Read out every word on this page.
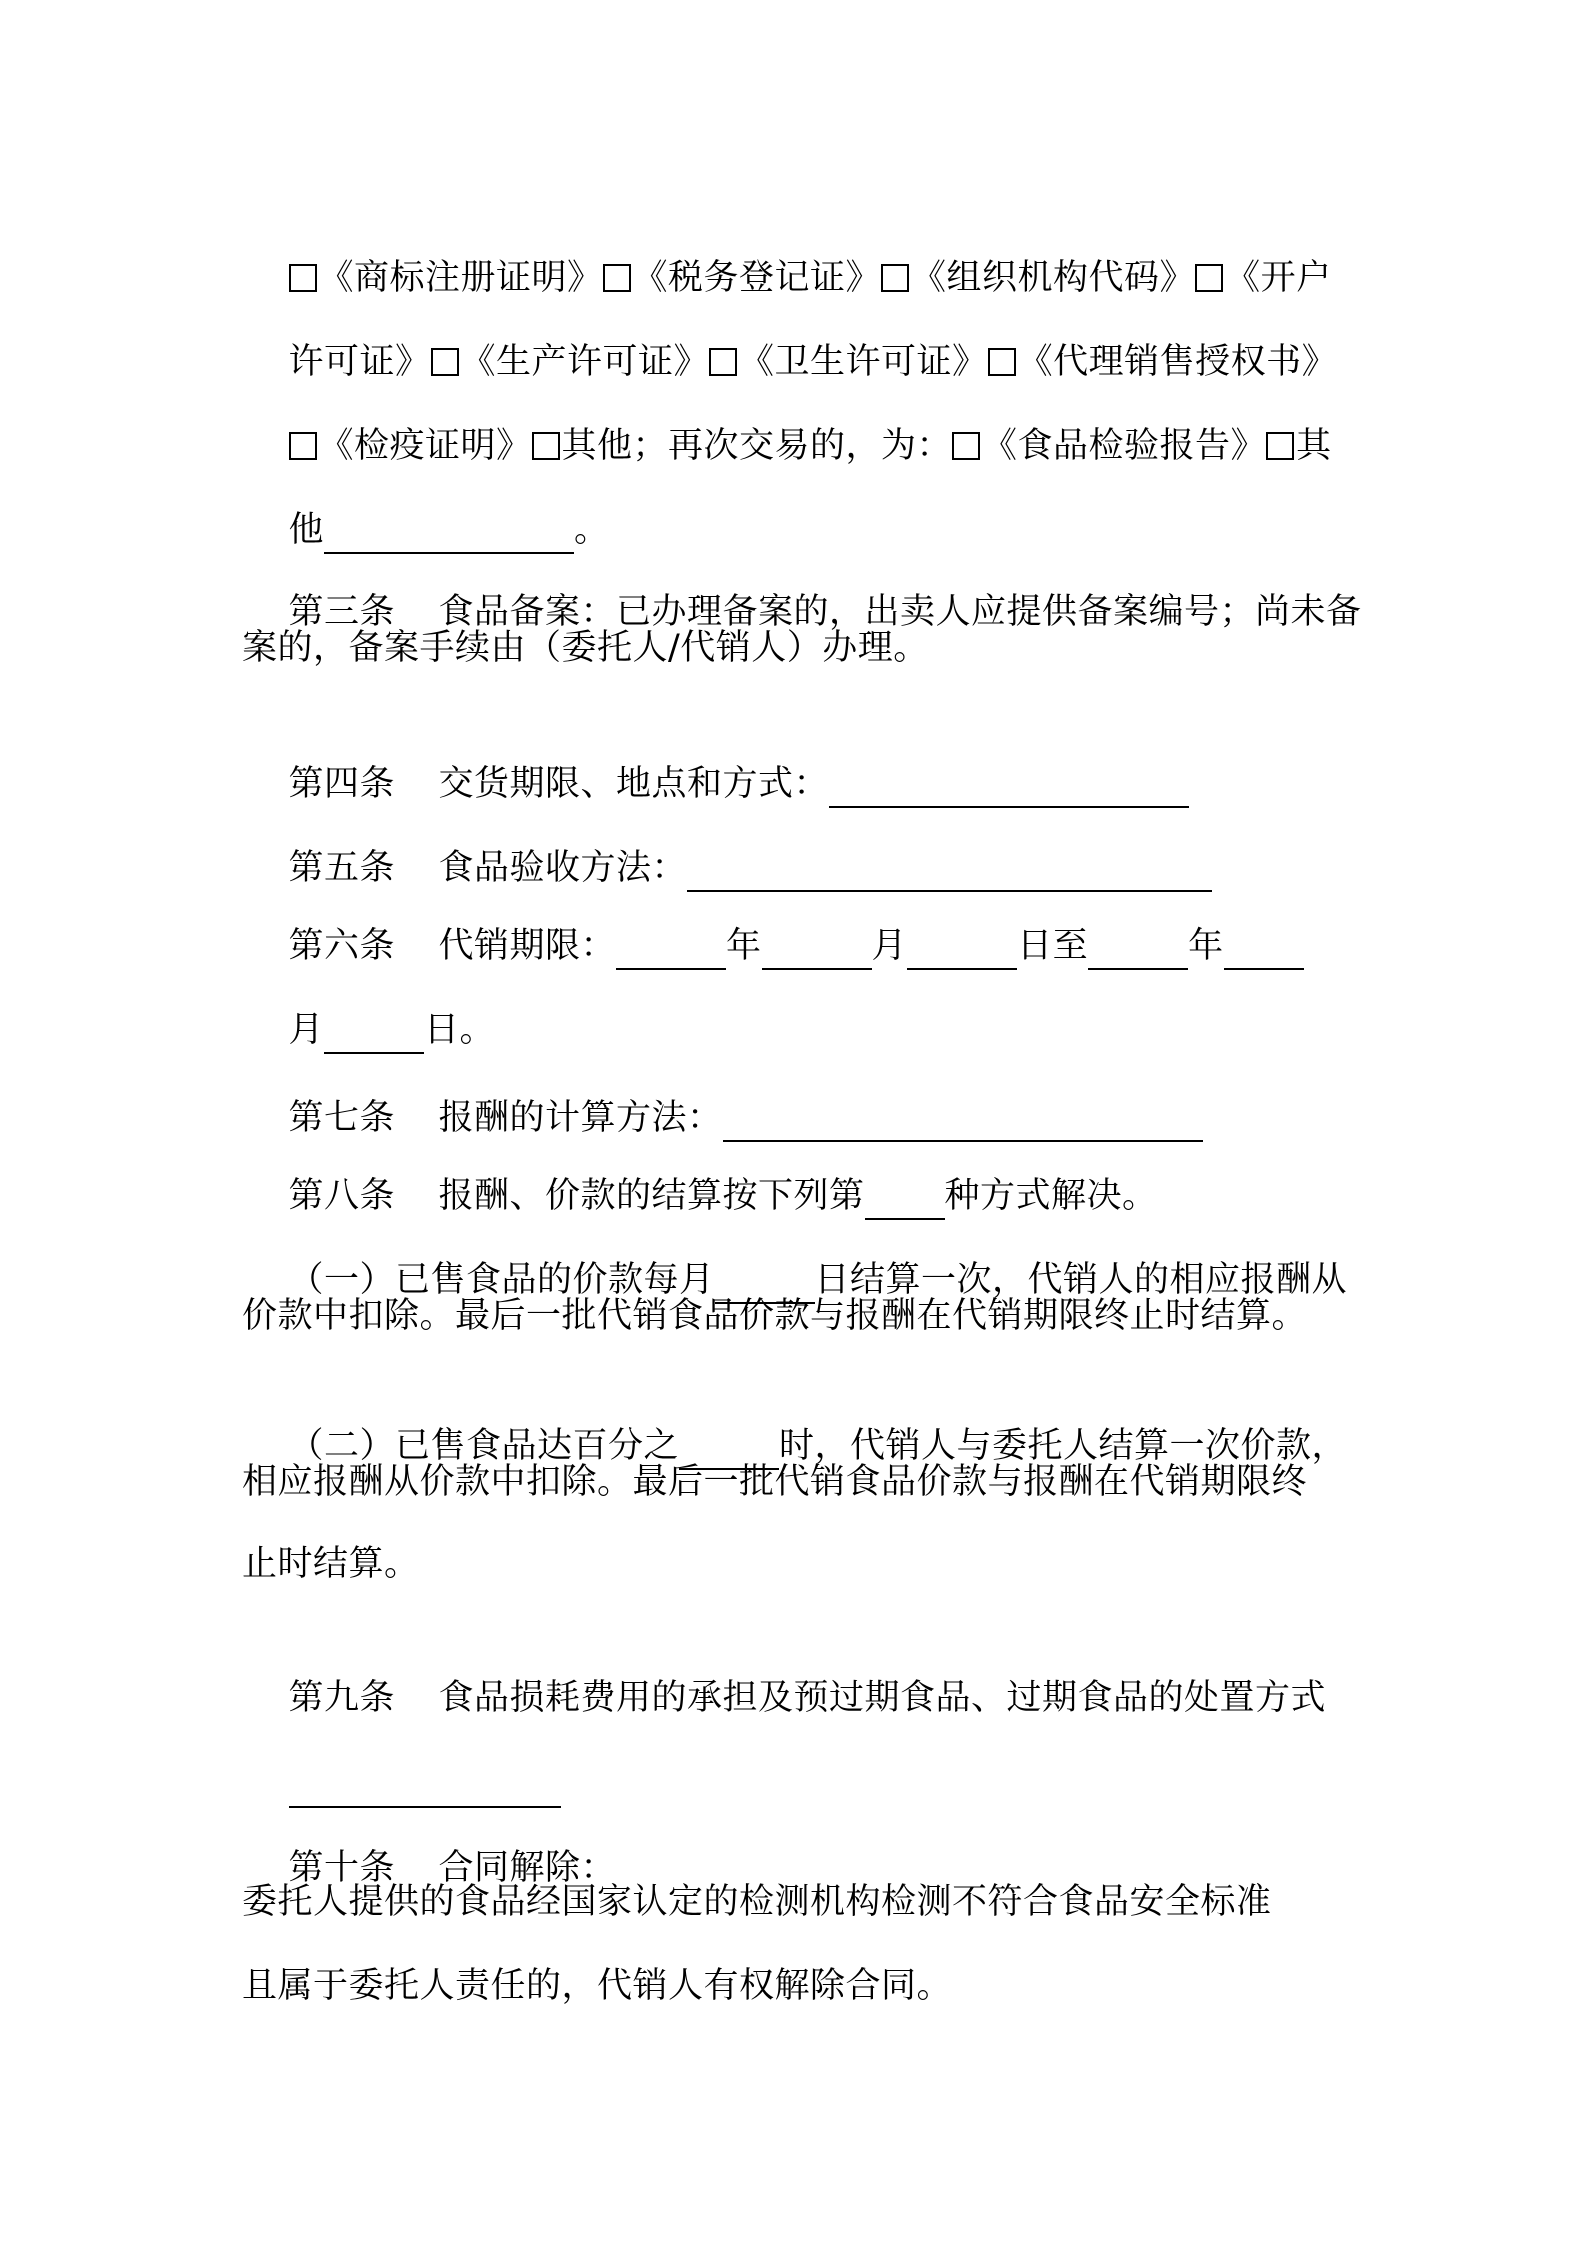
《商标注册证明》 《税务登记证》 《组织机构代码》 《开户

许可证》 《生产许可证》 《卫生许可证》 《代理销售授权书》

《检疫证明》 其他；再次交易的，为： 《食品检验报告》 其

他	。

第三条 食品备案：已办理备案的，出卖人应提供备案编号；尚未备

案的，备案手续由（委托人/代销人）办理。

第四条 交货期限、地点和方式：

第五条 食品验收方法：

第六条 代销期限：	年	月	日至	年

月	日。

第七条 报酬的计算方法：

第八条 报酬、价款的结算按下列第 种方式解决。

（一）已售食品的价款每月	日结算一次，代销人的相应报酬从

价款中扣除。最后一批代销食品价款与报酬在代销期限终止时结算。

（二）已售食品达百分之	时，代销人与委托人结算一次价款，

相应报酬从价款中扣除。最后一批代销食品价款与报酬在代销期限终
止时结算。

第九条 食品损耗费用的承担及预过期食品、过期食品的处置方式

第十条 合同解除：

委托人提供的食品经国家认定的检测机构检测不符合食品安全标准
且属于委托人责任的，代销人有权解除合同。
